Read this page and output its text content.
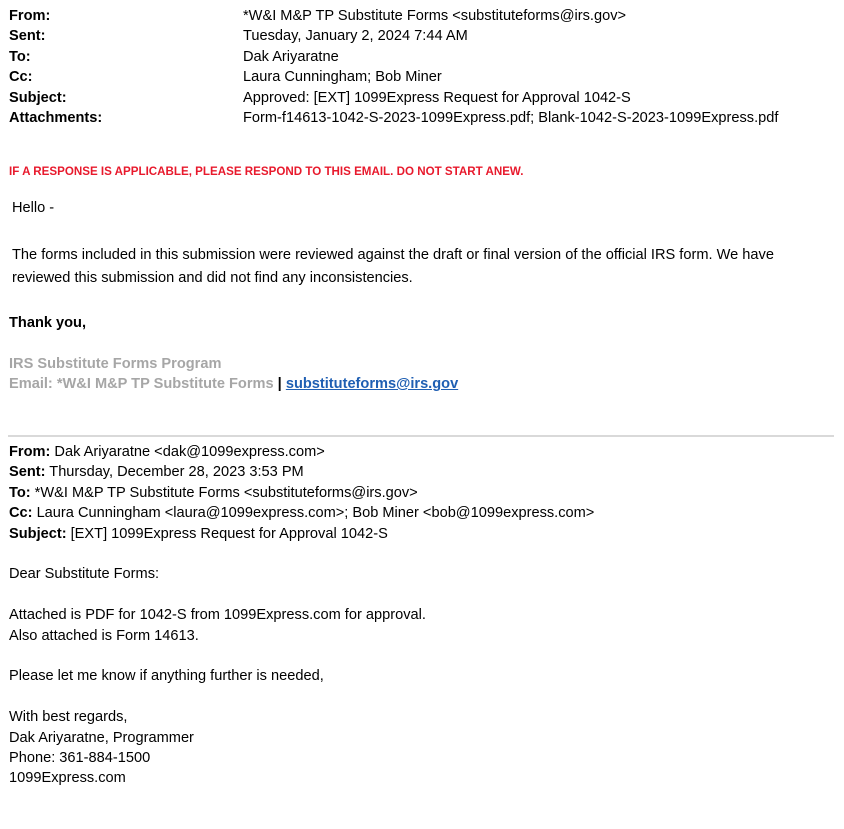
From:	*W&I M&P TP Substitute Forms <substituteforms@irs.gov>
Sent:	Tuesday, January 2, 2024 7:44 AM
To:	Dak Ariyaratne
Cc:	Laura Cunningham; Bob Miner
Subject:	Approved: [EXT] 1099Express Request for Approval 1042-S
Attachments:	Form-f14613-1042-S-2023-1099Express.pdf; Blank-1042-S-2023-1099Express.pdf
IF A RESPONSE IS APPLICABLE, PLEASE RESPOND TO THIS EMAIL. DO NOT START ANEW.
Hello -
The forms included in this submission were reviewed against the draft or final version of the official IRS form. We have reviewed this submission and did not find any inconsistencies.
Thank you,
IRS Substitute Forms Program
Email: *W&I M&P TP Substitute Forms | substituteforms@irs.gov
From: Dak Ariyaratne <dak@1099express.com>
Sent: Thursday, December 28, 2023 3:53 PM
To: *W&I M&P TP Substitute Forms <substituteforms@irs.gov>
Cc: Laura Cunningham <laura@1099express.com>; Bob Miner <bob@1099express.com>
Subject: [EXT] 1099Express Request for Approval 1042-S
Dear Substitute Forms:
Attached is PDF for 1042-S from 1099Express.com for approval.
Also attached is Form 14613.
Please let me know if anything further is needed,
With best regards,
Dak Ariyaratne, Programmer
Phone: 361-884-1500
1099Express.com
